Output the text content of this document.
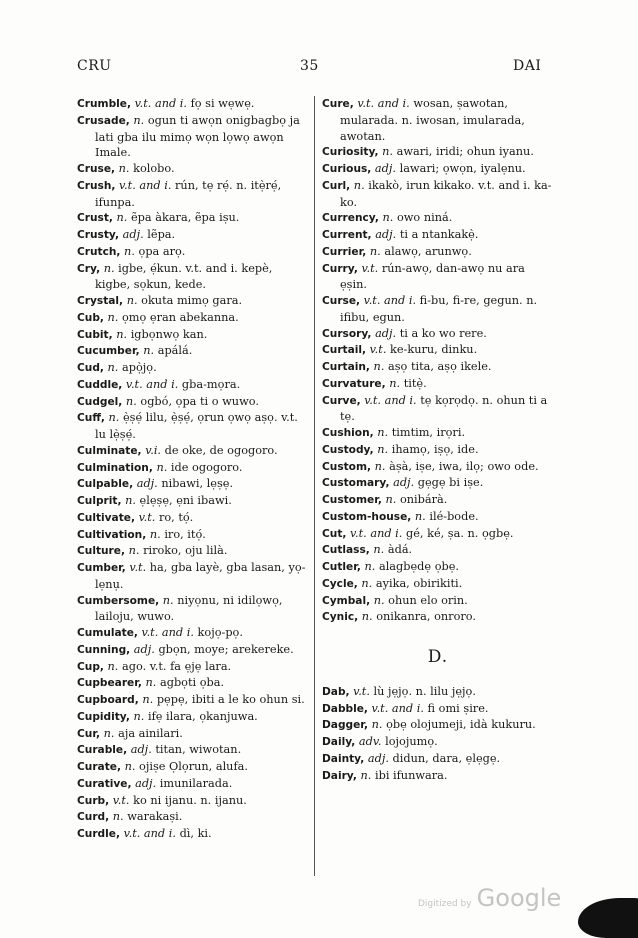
CRU	35	DAI
Crumble, v.t. and i. fọ si wẹwẹ.
Crusade, n. ogun ti awọn onigbagbọ ja lati gba ilu mimọ wọn lọwọ awọn Imale.
Cruse, n. kolobo.
Crush, v.t. and i. rún, tẹ rẹ́. n. itẹ̀rẹ́, ifunpa.
Crust, n. ẽpa àkara, ẽpa iṣu.
Crusty, adj. lẽpa.
Crutch, n. ọpa arọ.
Cry, n. igbe, ẹ́kun. v.t. and i. kepè, kigbe, sọkun, kede.
Crystal, n. okuta mimọ gara.
Cub, n. ọmọ ẹran abekanna.
Cubit, n. igbọnwọ kan.
Cucumber, n. apálá.
Cud, n. apọ̀jọ.
Cuddle, v.t. and i. gba-mọra.
Cudgel, n. ogbó, ọpa ti o wuwo.
Cuff, n. ẹ̀ṣẹ́ lilu, ẹ̀ṣẹ́, ọrun ọwọ aṣọ. v.t. lu lẹ̀ṣẹ́.
Culminate, v.i. de oke, de ogogoro.
Culmination, n. ide ogogoro.
Culpable, adj. nibawi, lẹṣẹ.
Culprit, n. ẹlẹṣẹ, ẹni ibawi.
Cultivate, v.t. ro, tọ́.
Cultivation, n. iro, itọ́.
Culture, n. riroko, oju lilà.
Cumber, v.t. ha, gba layè, gba lasan, yọ-lẹnụ.
Cumbersome, n. niyọnu, ni idilọwọ, lailoju, wuwo.
Cumulate, v.t. and i. kojọ-pọ.
Cunning, adj. gbọn, moye; arekereke.
Cup, n. ago. v.t. fa ẹjẹ lara.
Cupbearer, n. agbọti ọba.
Cupboard, n. pẹpẹ, ibiti a le ko ohun si.
Cupidity, n. ifẹ ilara, ọkanjuwa.
Cur, n. aja ainilari.
Curable, adj. titan, wiwotan.
Curate, n. ojiṣe Ọlọrun, alufa.
Curative, adj. imunilarada.
Curb, v.t. ko ni ijanu. n. ijanu.
Curd, n. warakaṣi.
Curdle, v.t. and i. dì, ki.
Cure, v.t. and i. wosan, ṣawotan, mularada. n. iwosan, imularada, awotan.
Curiosity, n. awari, iridi; ohun iyanu.
Curious, adj. lawari; ọwọn, iyalẹnu.
Curl, n. ikakò, irun kikako. v.t. and i. ka-ko.
Currency, n. owo niná.
Current, adj. ti a ntankakẹ̀.
Currier, n. alawọ, arunwọ.
Curry, v.t. rún-awọ, dan-awọ nu ara ẹṣin.
Curse, v.t. and i. fi-bu, fi-re, gegun. n. ifibu, egun.
Cursory, adj. ti a ko wo rere.
Curtail, v.t. ke-kuru, dinku.
Curtain, n. aṣọ tita, aṣọ ikele.
Curvature, n. titẹ̀.
Curve, v.t. and i. tẹ kọrọdọ. n. ohun ti a tẹ.
Cushion, n. timtim, irọri.
Custody, n. ihamọ, iṣọ, ide.
Custom, n. àṣà, iṣe, iwa, ilọ; owo ode.
Customary, adj. gẹgẹ bi iṣe.
Customer, n. onibárà.
Custom-house, n. ilé-bode.
Cut, v.t. and i. gé, ké, ṣa. n. ọgbẹ.
Cutlass, n. àdá.
Cutler, n. alagbẹdẹ ọbẹ.
Cycle, n. ayika, obirikiti.
Cymbal, n. ohun elo orin.
Cynic, n. onikanra, onroro.
D.
Dab, v.t. lù jẹjọ. n. lilu jẹjọ.
Dabble, v.t. and i. fi omi ṣire.
Dagger, n. ọbẹ olojumeji, idà kukuru.
Daily, adv. lojojumọ.
Dainty, adj. didun, dara, ẹlẹgẹ.
Dairy, n. ibi ifunwara.
Digitized by Google
